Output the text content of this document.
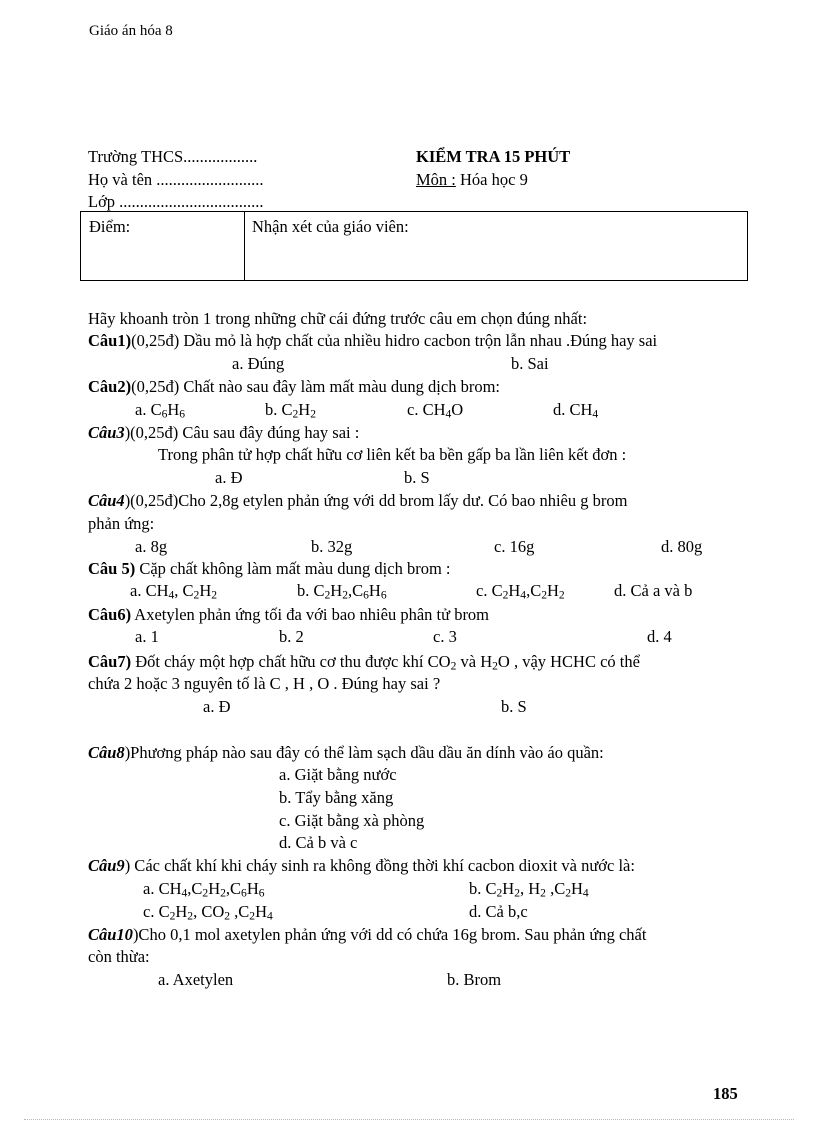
Giáo án hóa 8
Trường THCS..................
Họ và tên ..........................
Lớp ...................................
KIỂM TRA 15 PHÚT
Môn : Hóa học 9
Điểm:	Nhận xét của giáo viên:
Hãy khoanh tròn 1 trong những chữ cái đứng trước câu em chọn đúng nhất:
Câu1)(0,25đ) Dầu mỏ là hợp chất của nhiều hidro cacbon trộn lẫn nhau .Đúng hay sai
a. Đúng	b. Sai
Câu2)(0,25đ) Chất nào sau đây làm mất màu dung dịch brom:
a. $C_6H_6$	b. $C_2H_2$	c. $CH_4O$	d. $CH_4$
Câu3)(0,25đ) Câu sau đây đúng hay sai :
Trong phân tử hợp chất hữu cơ liên kết ba bền gấp ba lần liên kết đơn :
a. Đ	b. S
Câu4)(0,25đ)Cho 2,8g etylen phản ứng với dd brom lấy dư. Có bao nhiêu g brom
phản ứng:
a. 8g	b. 32g	c. 16g	d. 80g
Câu 5) Cặp chất không làm mất màu dung dịch brom :
a. $CH_4$, $C_2H_2$	b. $C_2H_2,C_6H_6$	c. $C_2H_4,C_2H_2$	d. Cả a và b
Câu6) Axetylen phản ứng tối đa với bao nhiêu phân tử brom
a. 1	b. 2	c. 3	d. 4
Câu7) Đốt cháy một hợp chất hữu cơ thu được khí $CO_2$ và $H_2O$ , vậy HCHC có thể
chứa 2 hoặc 3 nguyên tố là C , H , O . Đúng hay sai ?
a. Đ	b. S
Câu8)Phương pháp nào sau đây có thể làm sạch dầu dầu ăn dính vào áo quần:
a. Giặt bằng nước
b. Tẩy bằng xăng
c. Giặt bằng xà phòng
d. Cả b và c
Câu9) Các chất khí khi cháy sinh ra không đồng thời khí cacbon dioxit và nước là:
a. $CH_4,C_2H_2,C_6H_6$	b. $C_2H_2$, $H_2$ $,C_2H_4$
c. $C_2H_2$, $CO_2$ $,C_2H_4$	d. Cả b,c
Câu10)Cho 0,1 mol axetylen phản ứng với dd có chứa 16g brom. Sau phản ứng chất
còn thừa:
a. Axetylen	b. Brom
185
